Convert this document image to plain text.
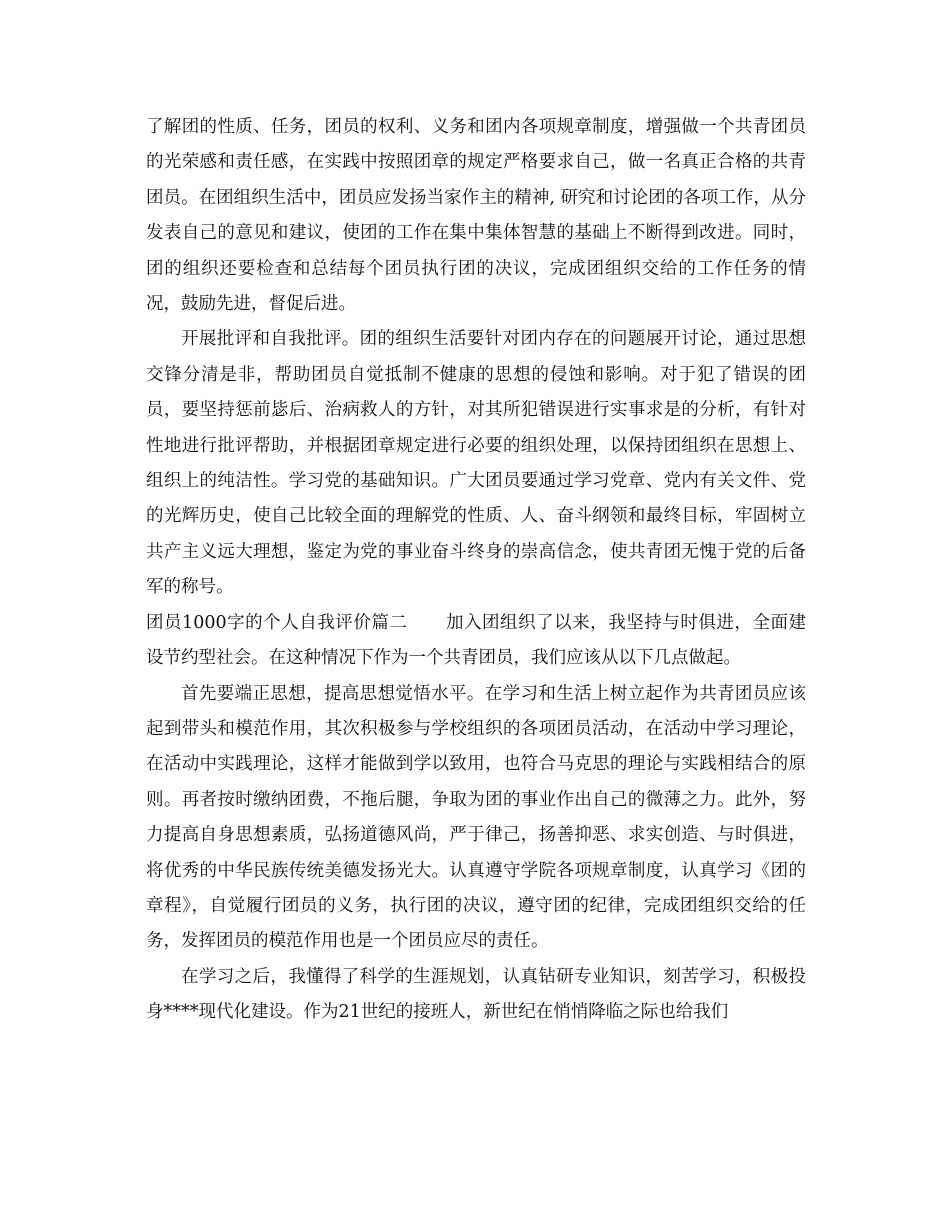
了解团的性质、任务，团员的权利、义务和团内各项规章制度，增强做一个共青团员的光荣感和责任感，在实践中按照团章的规定严格要求自己，做一名真正合格的共青团员。在团组织生活中，团员应发扬当家作主的精神, 研究和讨论团的各项工作，从分发表自己的意见和建议，使团的工作在集中集体智慧的基础上不断得到改进。同时，团的组织还要检查和总结每个团员执行团的决议，完成团组织交给的工作任务的情况，鼓励先进，督促后进。

开展批评和自我批评。团的组织生活要针对团内存在的问题展开讨论，通过思想交锋分清是非，帮助团员自觉抵制不健康的思想的侵蚀和影响。对于犯了错误的团员，要坚持惩前毖后、治病救人的方针，对其所犯错误进行实事求是的分析，有针对性地进行批评帮助，并根据团章规定进行必要的组织处理，以保持团组织在思想上、组织上的纯洁性。学习党的基础知识。广大团员要通过学习党章、党内有关文件、党的光辉历史，使自己比较全面的理解党的性质、人、奋斗纲领和最终目标，牢固树立共产主义远大理想，鉴定为党的事业奋斗终身的崇高信念，使共青团无愧于党的后备军的称号。

团员1000字的个人自我评价篇二 加入团组织了以来，我坚持与时俱进，全面建设节约型社会。在这种情况下作为一个共青团员，我们应该从以下几点做起。

首先要端正思想，提高思想觉悟水平。在学习和生活上树立起作为共青团员应该起到带头和模范作用，其次积极参与学校组织的各项团员活动，在活动中学习理论，在活动中实践理论，这样才能做到学以致用，也符合马克思的理论与实践相结合的原则。再者按时缴纳团费，不拖后腿，争取为团的事业作出自己的微薄之力。此外，努力提高自身思想素质，弘扬道德风尚，严于律己，扬善抑恶、求实创造、与时俱进，将优秀的中华民族传统美德发扬光大。认真遵守学院各项规章制度，认真学习《团的章程》，自觉履行团员的义务，执行团的决议，遵守团的纪律，完成团组织交给的任务，发挥团员的模范作用也是一个团员应尽的责任。

在学习之后，我懂得了科学的生涯规划，认真钻研专业知识，刻苦学习，积极投身****现代化建设。作为21世纪的接班人，新世纪在悄悄降临之际也给我们
